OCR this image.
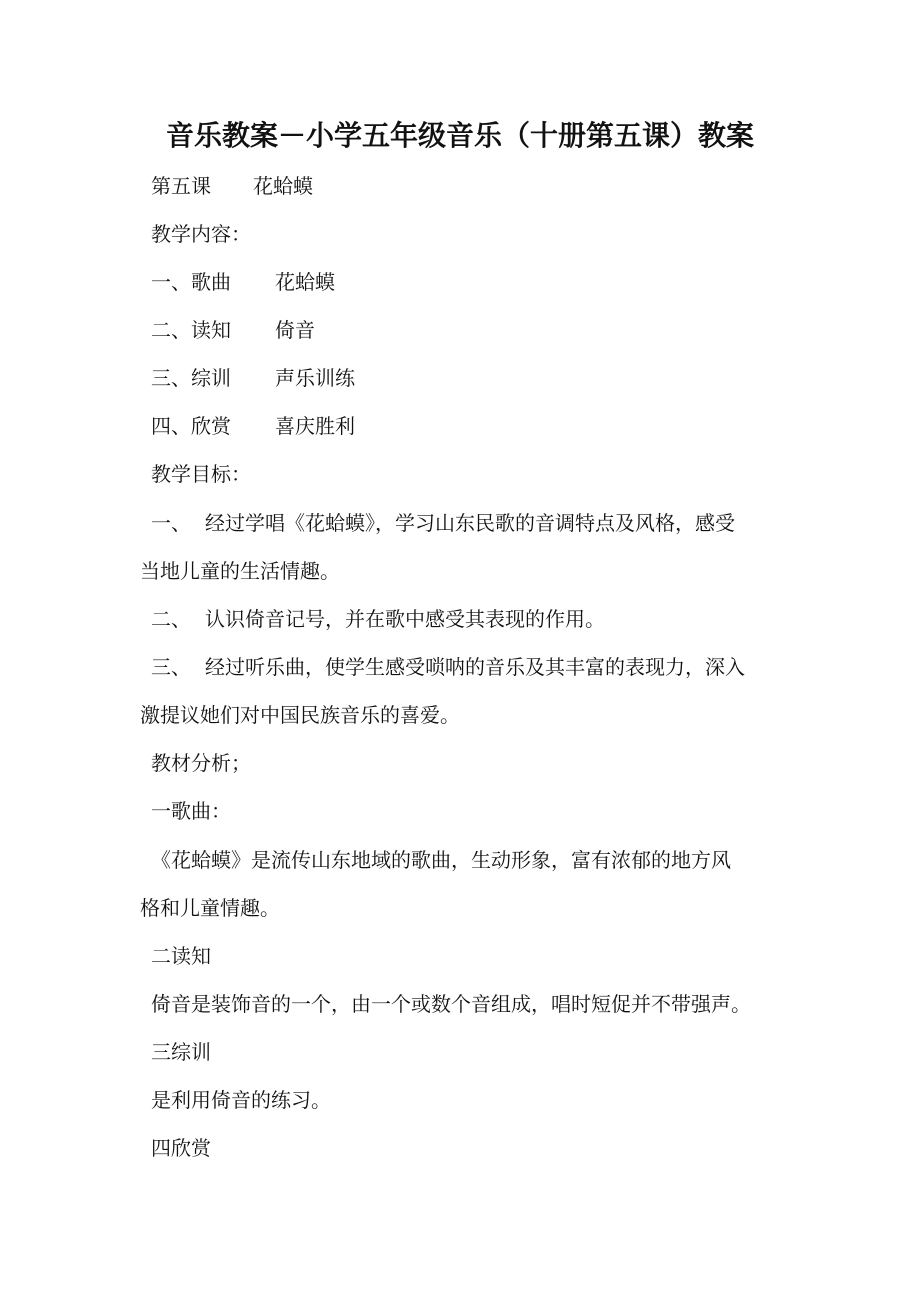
音乐教案－小学五年级音乐（十册第五课）教案

第五课 花蛤蟆

教学内容：

一、歌曲 花蛤蟆

二、读知 倚音

三、综训 声乐训练

四、欣赏 喜庆胜利

教学目标：

一、 经过学唱《花蛤蟆》，学习山东民歌的音调特点及风格，感受

当地儿童的生活情趣。

二、 认识倚音记号，并在歌中感受其表现的作用。

三、 经过听乐曲，使学生感受唢呐的音乐及其丰富的表现力，深入

激提议她们对中国民族音乐的喜爱。

教材分析；

一歌曲：

《花蛤蟆》是流传山东地域的歌曲，生动形象，富有浓郁的地方风

格和儿童情趣。

二读知

倚音是装饰音的一个，由一个或数个音组成，唱时短促并不带强声。

三综训

是利用倚音的练习。

四欣赏
